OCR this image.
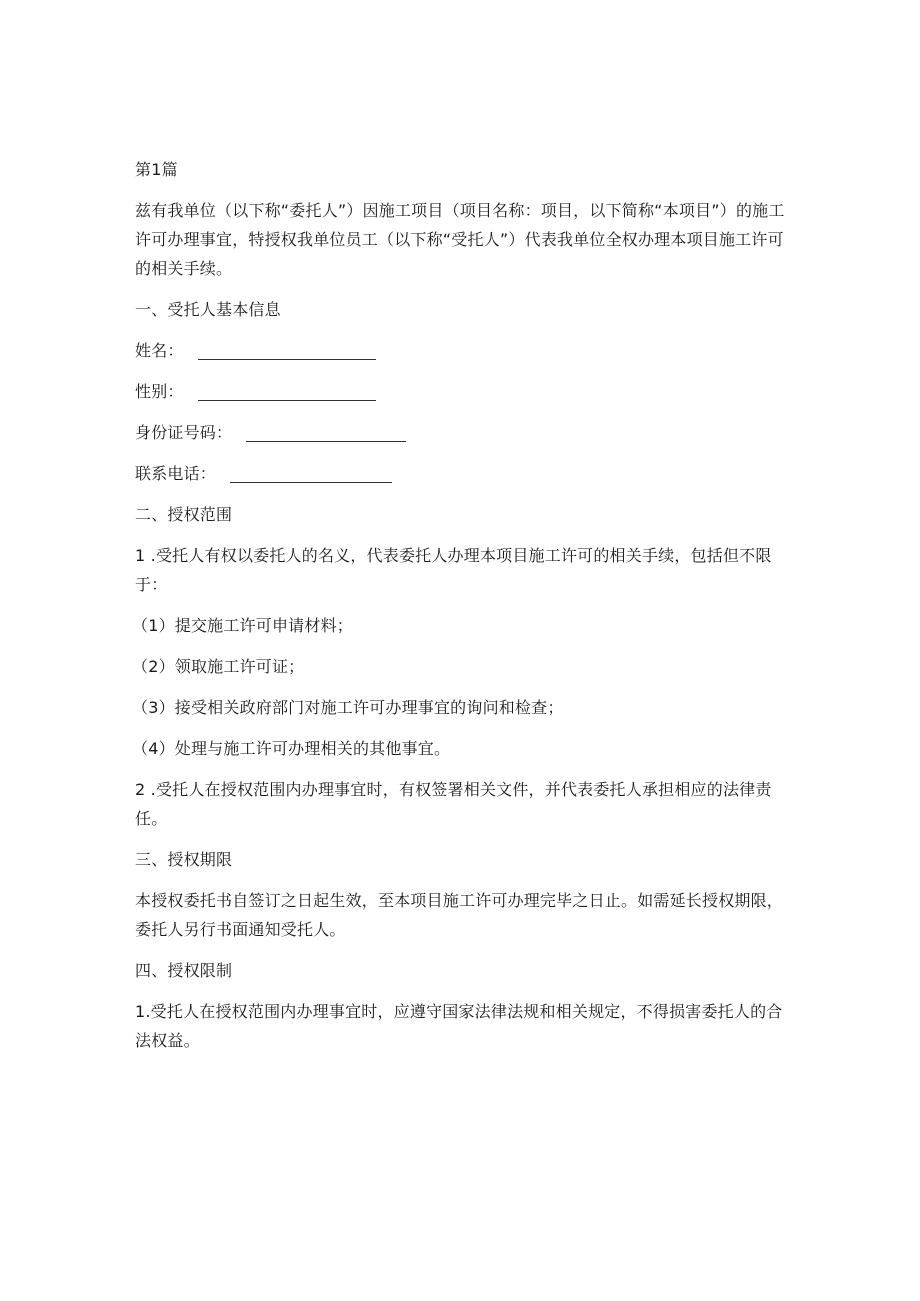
第1篇
兹有我单位（以下称“委托人”）因施工项目（项目名称：项目，以下简称“本项目”）的施工许可办理事宜，特授权我单位员工（以下称“受托人”）代表我单位全权办理本项目施工许可的相关手续。
一、受托人基本信息
姓名：
性别：
身份证号码：
联系电话：
二、授权范围
1 .受托人有权以委托人的名义，代表委托人办理本项目施工许可的相关手续，包括但不限于：
（1）提交施工许可申请材料；
（2）领取施工许可证；
（3）接受相关政府部门对施工许可办理事宜的询问和检查；
（4）处理与施工许可办理相关的其他事宜。
2 .受托人在授权范围内办理事宜时，有权签署相关文件，并代表委托人承担相应的法律责任。
三、授权期限
本授权委托书自签订之日起生效，至本项目施工许可办理完毕之日止。如需延长授权期限，委托人另行书面通知受托人。
四、授权限制
1.受托人在授权范围内办理事宜时，应遵守国家法律法规和相关规定，不得损害委托人的合法权益。
